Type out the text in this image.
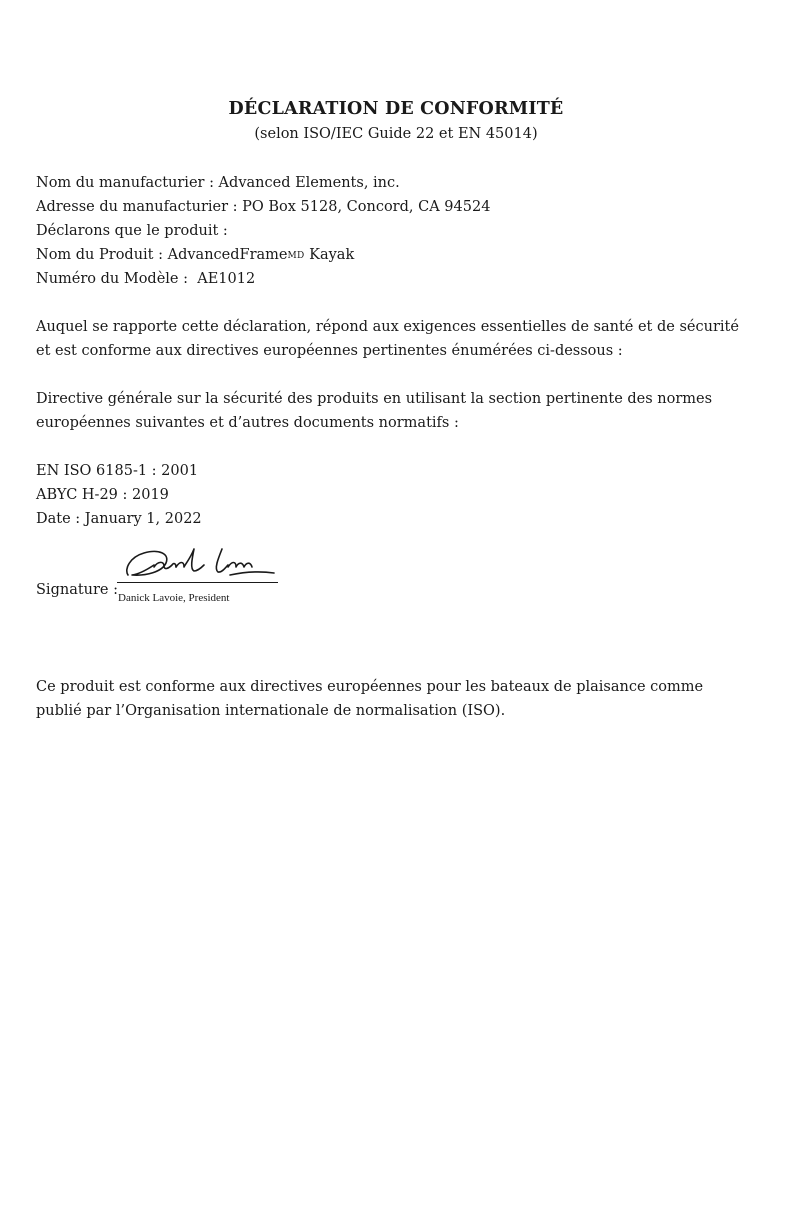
DÉCLARATION DE CONFORMITÉ

(selon ISO/IEC Guide 22 et EN 45014)

Nom du manufacturier : Advanced Elements, inc.

Adresse du manufacturier : PO Box 5128, Concord, CA 94524

Déclarons que le produit :

Nom du Produit : AdvancedFrameMD Kayak

Numéro du Modèle :  AE1012

Auquel se rapporte cette déclaration, répond aux exigences essentielles de santé et de sécurité

et est conforme aux directives européennes pertinentes énumérées ci-dessous :

Directive générale sur la sécurité des produits en utilisant la section pertinente des normes

européennes suivantes et d’autres documents normatifs :

EN ISO 6185-1 : 2001

ABYC H-29 : 2019

Date : January 1, 2022

Signature : Danick Lavoie, President

Ce produit est conforme aux directives européennes pour les bateaux de plaisance comme

publié par l’Organisation internationale de normalisation (ISO).
